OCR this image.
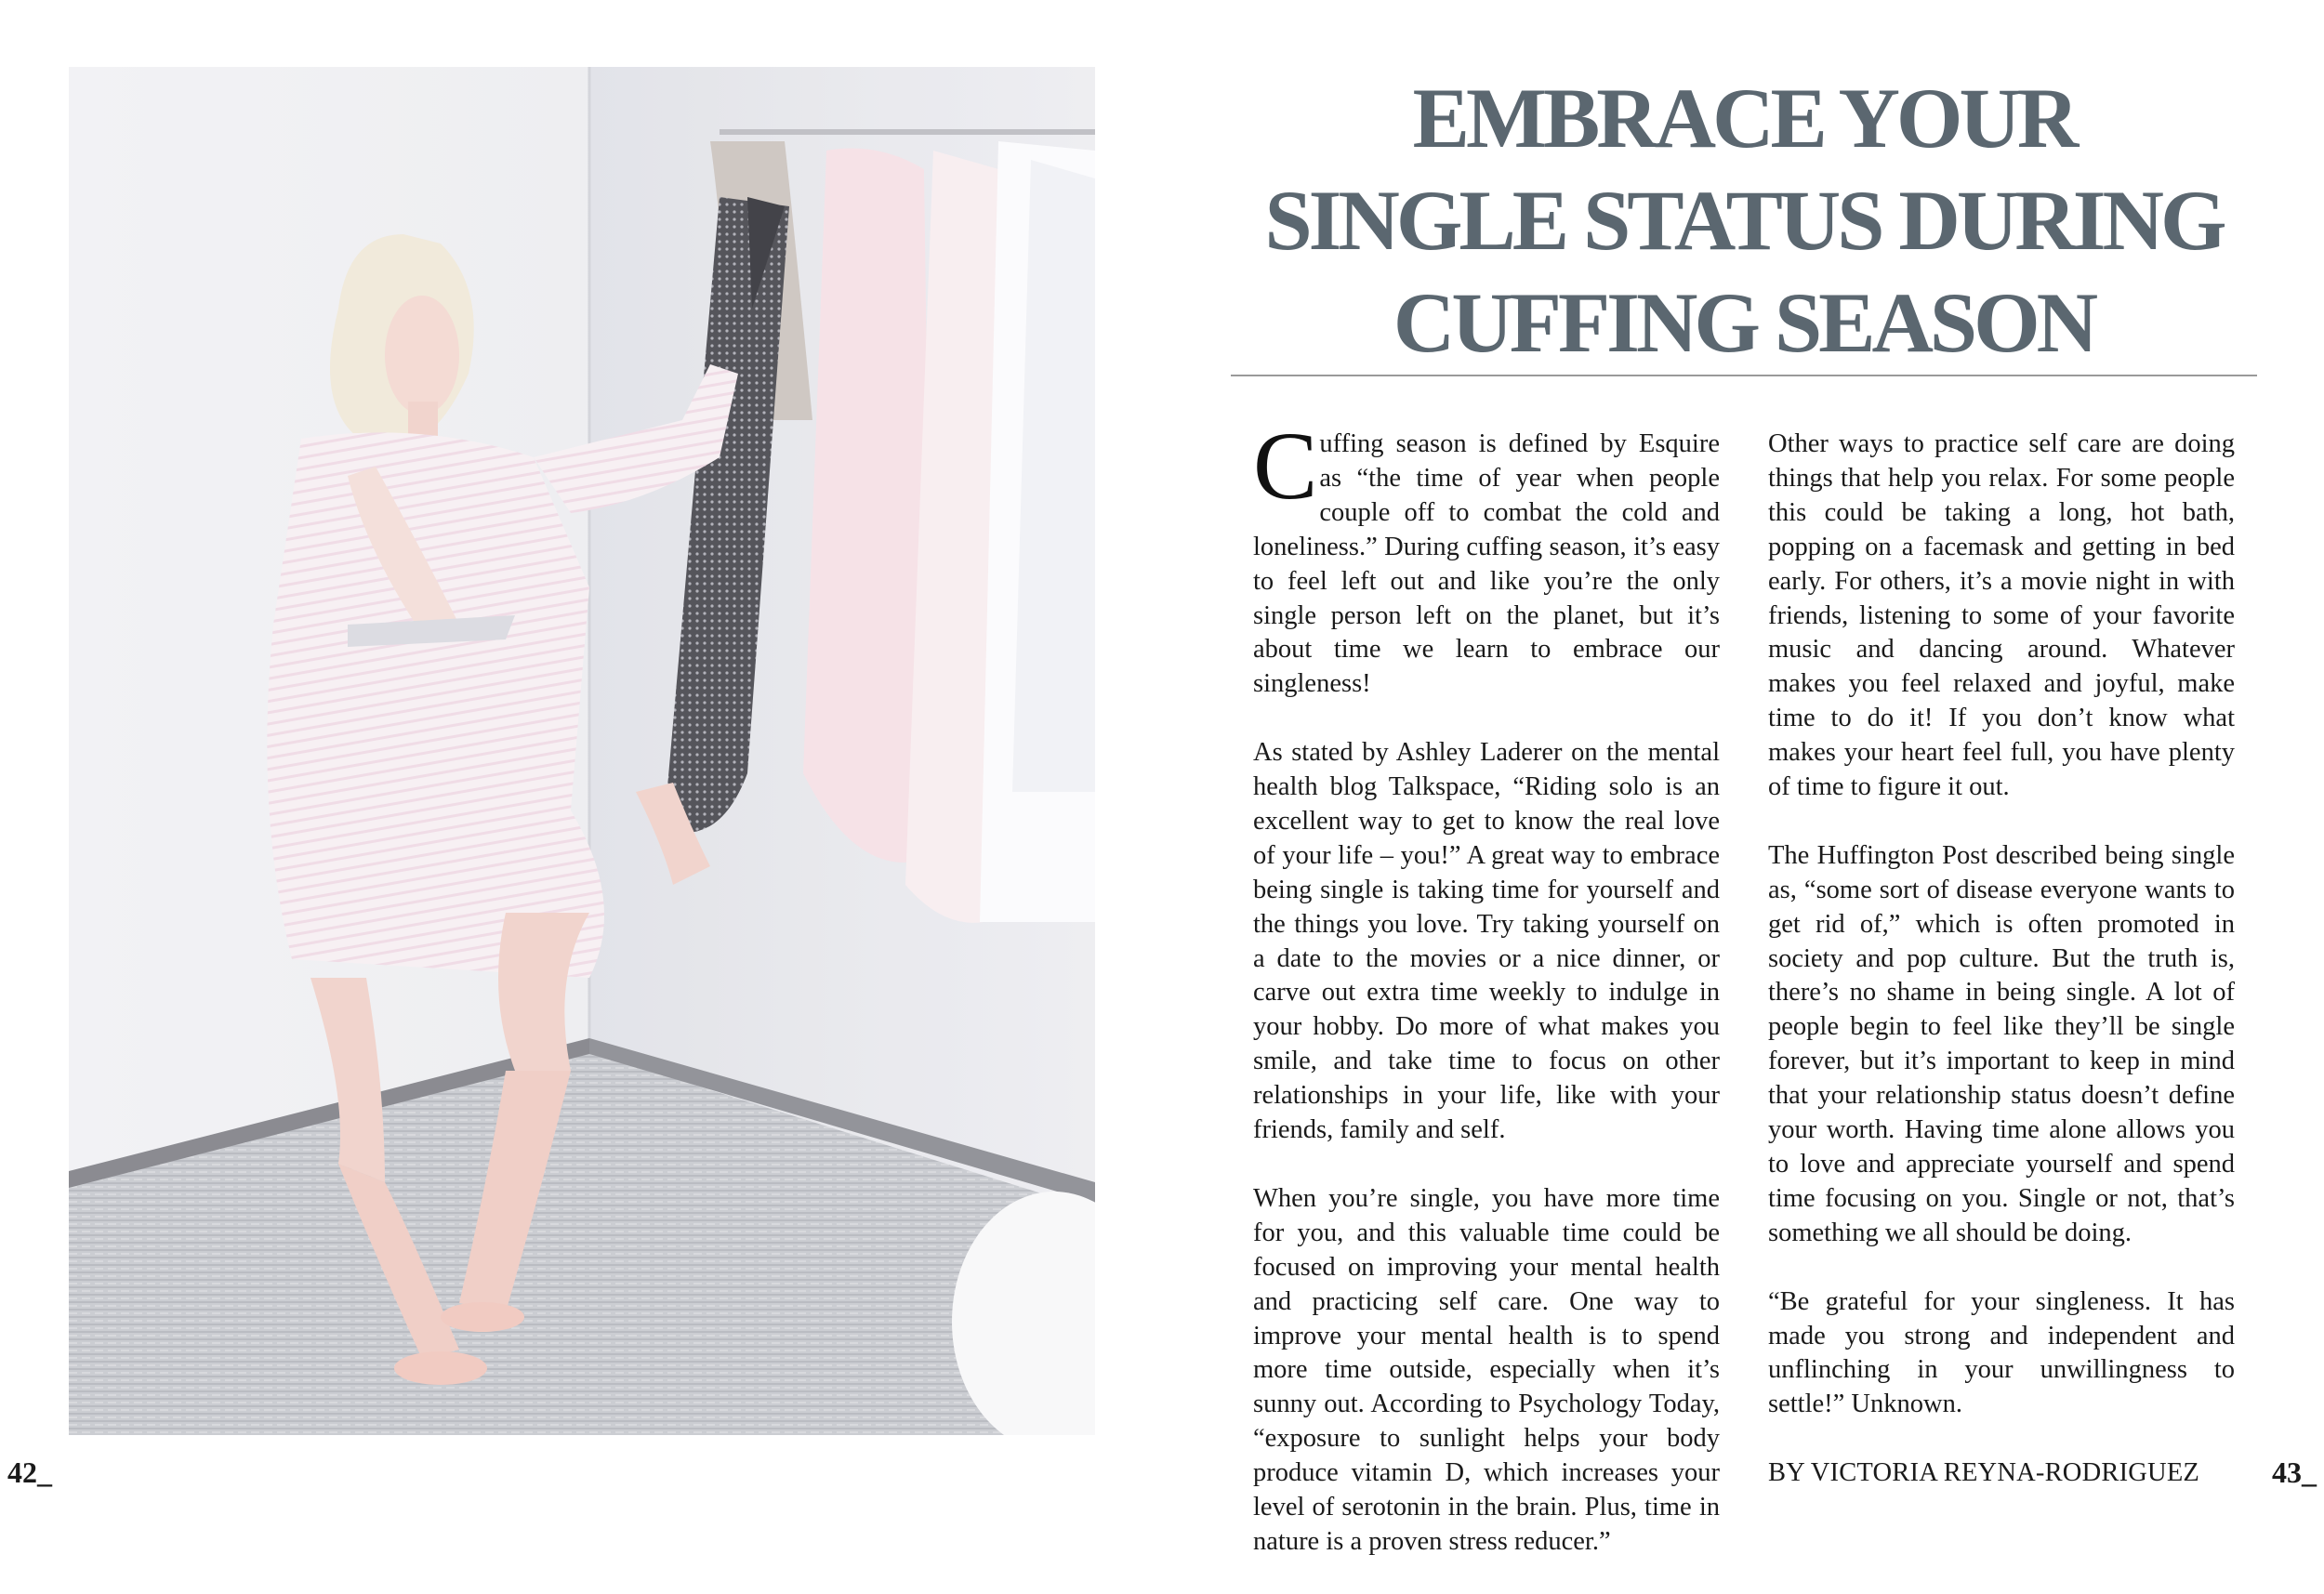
EMBRACE YOUR
SINGLE STATUS DURING
CUFFING SEASON

Cuffing season is defined by Esquire as “the time of year when people couple off to combat the cold and loneliness.” During cuffing season, it’s easy to feel left out and like you’re the only single person left on the planet, but it’s about time we learn to embrace our singleness!

As stated by Ashley Laderer on the mental health blog Talkspace, “Riding solo is an excellent way to get to know the real love of your life – you!” A great way to embrace being single is taking time for yourself and the things you love. Try taking yourself on a date to the movies or a nice dinner, or carve out extra time weekly to indulge in your hobby. Do more of what makes you smile, and take time to focus on other relationships in your life, like with your friends, family and self.

When you’re single, you have more time for you, and this valuable time could be focused on improving your mental health and practicing self care. One way to improve your mental health is to spend more time outside, especially when it’s sunny out. According to Psychology Today, “exposure to sunlight helps your body produce vitamin D, which increases your level of serotonin in the brain. Plus, time in nature is a proven stress reducer.”

Other ways to practice self care are doing things that help you relax. For some people this could be taking a long, hot bath, popping on a facemask and getting in bed early. For others, it’s a movie night in with friends, listening to some of your favorite music and dancing around. Whatever makes you feel relaxed and joyful, make time to do it! If you don’t know what makes your heart feel full, you have plenty of time to figure it out.

The Huffington Post described being single as, “some sort of disease everyone wants to get rid of,” which is often promoted in society and pop culture. But the truth is, there’s no shame in being single. A lot of people begin to feel like they’ll be single forever, but it’s important to keep in mind that your relationship status doesn’t define your worth. Having time alone allows you to love and appreciate yourself and spend time focusing on you. Single or not, that’s something we all should be doing.

“Be grateful for your singleness. It has made you strong and independent and unflinching in your unwillingness to settle!” Unknown.

BY VICTORIA REYNA-RODRIGUEZ

42_	43_
